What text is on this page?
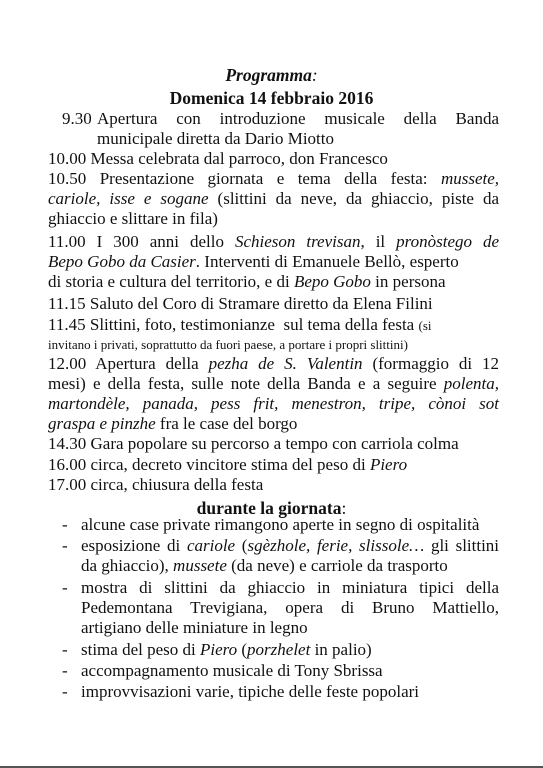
Programma:
Domenica 14 febbraio 2016
9.30 Apertura con introduzione musicale della Banda
municipale diretta da Dario Miotto
10.00 Messa celebrata dal parroco, don Francesco
10.50 Presentazione giornata e tema della festa: mussete,
cariole, isse e sogane (slittini da neve, da ghiaccio, piste da
ghiaccio e slittare in fila)
11.00 I 300 anni dello Schieson trevisan, il pronòstego de
Bepo Gobo da Casier. Interventi di Emanuele Bellò, esperto
di storia e cultura del territorio, e di Bepo Gobo in persona
11.15 Saluto del Coro di Stramare diretto da Elena Filini
11.45 Slittini, foto, testimonianze  sul tema della festa (si
invitano i privati, soprattutto da fuori paese, a portare i propri slittini)
12.00 Apertura della pezha de S. Valentin (formaggio di 12
mesi) e della festa, sulle note della Banda e a seguire polenta,
martondèle, panada, pess frit, menestron, tripe, cònoi sot
graspa e pinzhe fra le case del borgo
14.30 Gara popolare su percorso a tempo con carriola colma
16.00 circa, decreto vincitore stima del peso di Piero
17.00 circa, chiusura della festa
durante la giornata:
- alcune case private rimangono aperte in segno di ospitalità
- esposizione di cariole (sgèzhole, ferie, slissole… gli slittini
da ghiaccio), mussete (da neve) e carriole da trasporto
- mostra di slittini da ghiaccio in miniatura tipici della
Pedemontana Trevigiana, opera di Bruno Mattiello,
artigiano delle miniature in legno
- stima del peso di Piero (porzhelet in palio)
- accompagnamento musicale di Tony Sbrissa
- improvvisazioni varie, tipiche delle feste popolari
